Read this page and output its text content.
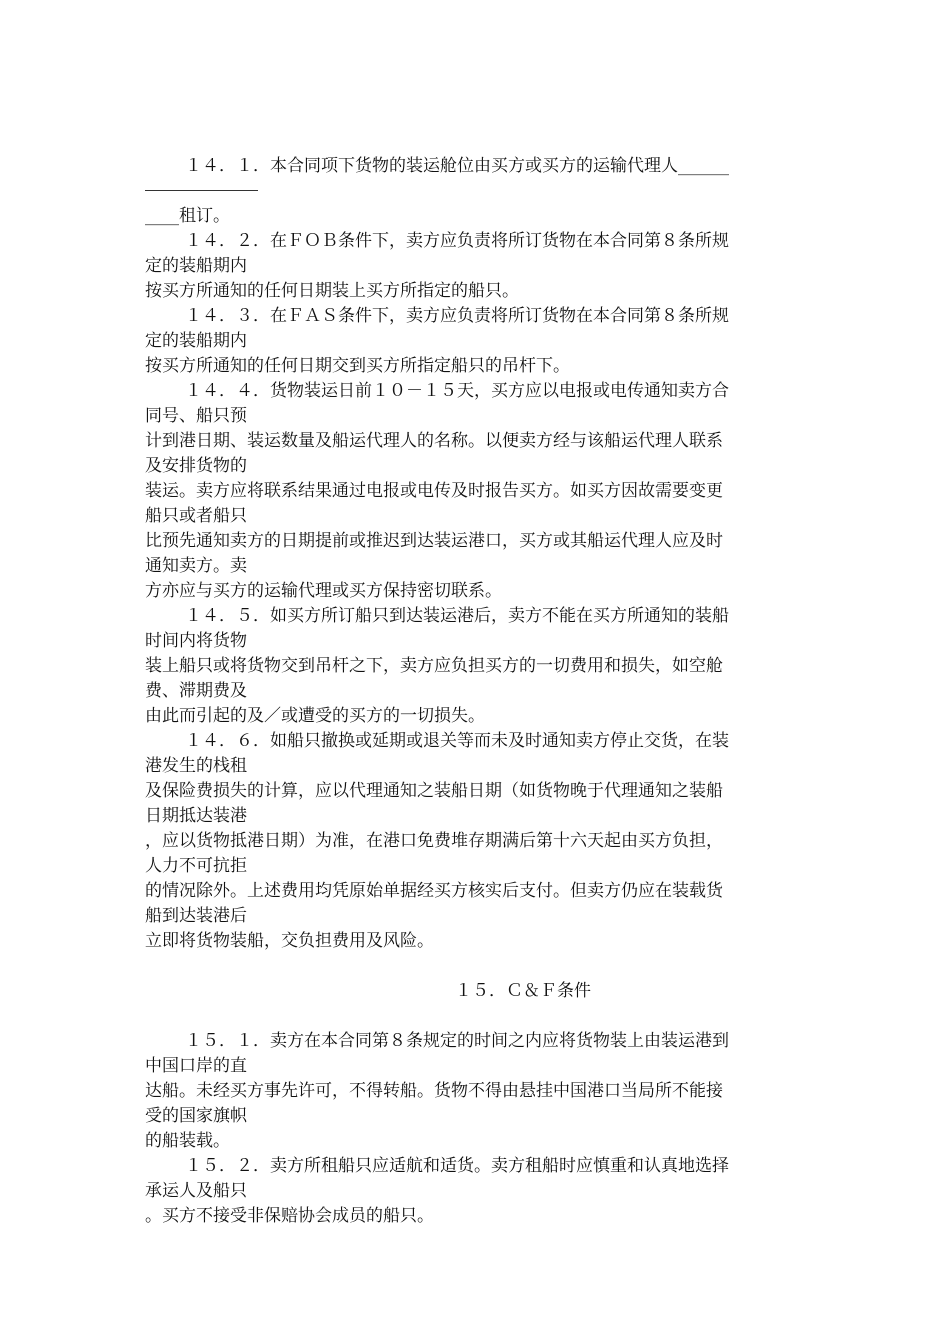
１４．１．本合同项下货物的装运舱位由买方或买方的运输代理人______
____租订。
１４．２．在ＦＯＢ条件下，卖方应负责将所订货物在本合同第８条所规
定的装船期内
按买方所通知的任何日期装上买方所指定的船只。
１４．３．在ＦＡＳ条件下，卖方应负责将所订货物在本合同第８条所规
定的装船期内
按买方所通知的任何日期交到买方所指定船只的吊杆下。
１４．４．货物装运日前１０－１５天，买方应以电报或电传通知卖方合
同号、船只预
计到港日期、装运数量及船运代理人的名称。以便卖方经与该船运代理人联系
及安排货物的
装运。卖方应将联系结果通过电报或电传及时报告买方。如买方因故需要变更
船只或者船只
比预先通知卖方的日期提前或推迟到达装运港口，买方或其船运代理人应及时
通知卖方。卖
方亦应与买方的运输代理或买方保持密切联系。
１４．５．如买方所订船只到达装运港后，卖方不能在买方所通知的装船
时间内将货物
装上船只或将货物交到吊杆之下，卖方应负担买方的一切费用和损失，如空舱
费、滞期费及
由此而引起的及／或遭受的买方的一切损失。
１４．６．如船只撤换或延期或退关等而未及时通知卖方停止交货，在装
港发生的栈租
及保险费损失的计算，应以代理通知之装船日期（如货物晚于代理通知之装船
日期抵达装港
，应以货物抵港日期）为准，在港口免费堆存期满后第十六天起由买方负担，
人力不可抗拒
的情况除外。上述费用均凭原始单据经买方核实后支付。但卖方仍应在装载货
船到达装港后
立即将货物装船，交负担费用及风险。
１５．Ｃ＆Ｆ条件
１５．１．卖方在本合同第８条规定的时间之内应将货物装上由装运港到
中国口岸的直
达船。未经买方事先许可，不得转船。货物不得由悬挂中国港口当局所不能接
受的国家旗帜
的船装载。
１５．２．卖方所租船只应适航和适货。卖方租船时应慎重和认真地选择
承运人及船只
。买方不接受非保赔协会成员的船只。
